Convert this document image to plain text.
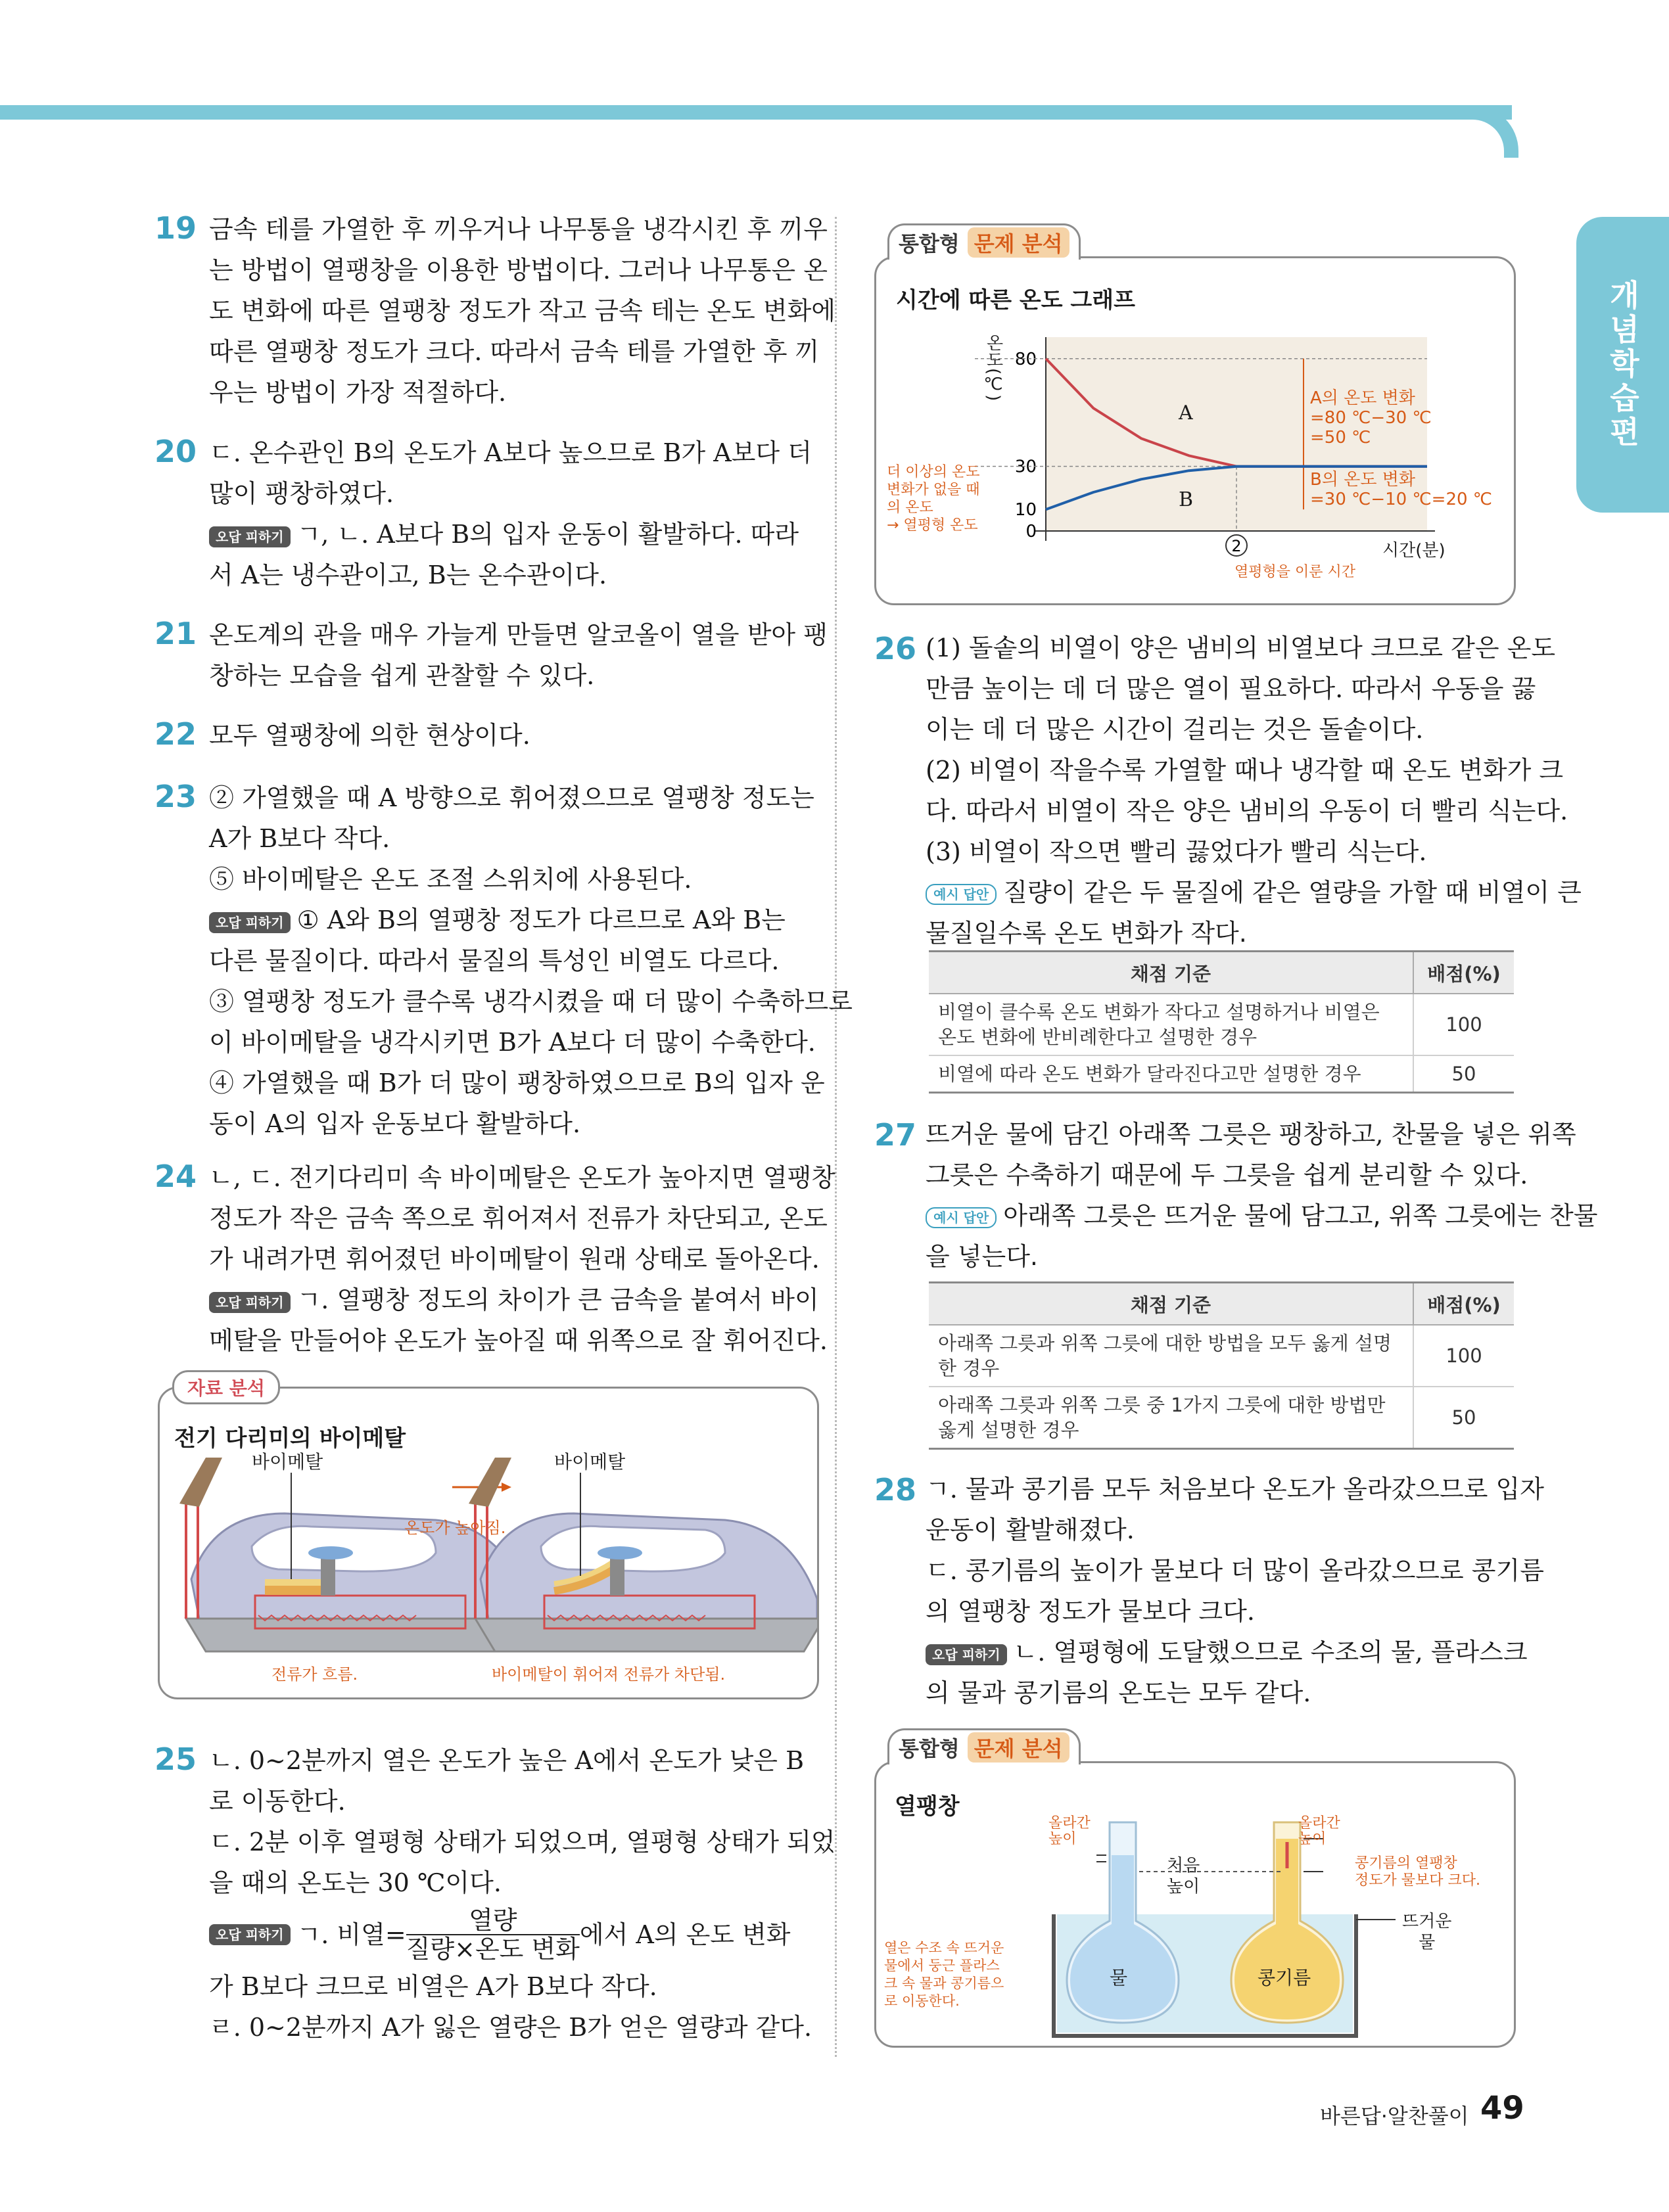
개념학습편
19 금속 테를 가열한 후 끼우거나 나무통을 냉각시킨 후 끼우
는 방법이 열팽창을 이용한 방법이다. 그러나 나무통은 온
도 변화에 따른 열팽창 정도가 작고 금속 테는 온도 변화에
따른 열팽창 정도가 크다. 따라서 금속 테를 가열한 후 끼
우는 방법이 가장 적절하다.
20 ㄷ. 온수관인 B의 온도가 A보다 높으므로 B가 A보다 더
많이 팽창하였다.
오답 피하기 ㄱ, ㄴ. A보다 B의 입자 운동이 활발하다. 따라
서 A는 냉수관이고, B는 온수관이다.
21 온도계의 관을 매우 가늘게 만들면 알코올이 열을 받아 팽
창하는 모습을 쉽게 관찰할 수 있다.
22 모두 열팽창에 의한 현상이다.
23 ② 가열했을 때 A 방향으로 휘어졌으므로 열팽창 정도는
A가 B보다 작다.
⑤ 바이메탈은 온도 조절 스위치에 사용된다.
오답 피하기 ① A와 B의 열팽창 정도가 다르므로 A와 B는
다른 물질이다. 따라서 물질의 특성인 비열도 다르다.
③ 열팽창 정도가 클수록 냉각시켰을 때 더 많이 수축하므로
이 바이메탈을 냉각시키면 B가 A보다 더 많이 수축한다.
④ 가열했을 때 B가 더 많이 팽창하였으므로 B의 입자 운
동이 A의 입자 운동보다 활발하다.
24 ㄴ, ㄷ. 전기다리미 속 바이메탈은 온도가 높아지면 열팽창
정도가 작은 금속 쪽으로 휘어져서 전류가 차단되고, 온도
가 내려가면 휘어졌던 바이메탈이 원래 상태로 돌아온다.
오답 피하기 ㄱ. 열팽창 정도의 차이가 큰 금속을 붙여서 바이
메탈을 만들어야 온도가 높아질 때 위쪽으로 잘 휘어진다.
전기 다리미의 바이메탈
바이메탈	바이메탈
온도가 높아짐.
전류가 흐름.	바이메탈이 휘어져 전류가 차단됨.
자료 분석
25 ㄴ. 0~2분까지 열은 온도가 높은 A에서 온도가 낮은 B
로 이동한다.
ㄷ. 2분 이후 열평형 상태가 되었으며, 열평형 상태가 되었
을 때의 온도는 30 ℃이다.
오답 피하기 ㄱ. 비열= $\frac{\text{열량}}{\text{질량×온도 변화}}$ 에서 A의 온도 변화
가 B보다 크므로 비열은 A가 B보다 작다.
ㄹ. 0~2분까지 A가 잃은 열량은 B가 얻은 열량과 같다.
시간에 따른 온도 그래프
80
30
10
0
2
온도(℃)
시간(분)
A
B
A의 온도 변화
=80 ℃−30 ℃
=50 ℃
B의 온도 변화
=30 ℃−10 ℃=20 ℃
더 이상의 온도
변화가 없을 때
의 온도
→ 열평형 온도
열평형을 이룬 시간
통합형 문제 분석
26 (1) 돌솥의 비열이 양은 냄비의 비열보다 크므로 같은 온도
만큼 높이는 데 더 많은 열이 필요하다. 따라서 우동을 끓
이는 데 더 많은 시간이 걸리는 것은 돌솥이다.
(2) 비열이 작을수록 가열할 때나 냉각할 때 온도 변화가 크
다. 따라서 비열이 작은 양은 냄비의 우동이 더 빨리 식는다.
(3) 비열이 작으면 빨리 끓었다가 빨리 식는다.
예시 답안 질량이 같은 두 물질에 같은 열량을 가할 때 비열이 큰
물질일수록 온도 변화가 작다.
채점 기준	배점(%)
비열이 클수록 온도 변화가 작다고 설명하거나 비열은 온도 변화에 반비례한다고 설명한 경우	100
비열에 따라 온도 변화가 달라진다고만 설명한 경우	50
27 뜨거운 물에 담긴 아래쪽 그릇은 팽창하고, 찬물을 넣은 위쪽
그릇은 수축하기 때문에 두 그릇을 쉽게 분리할 수 있다.
예시 답안 아래쪽 그릇은 뜨거운 물에 담그고, 위쪽 그릇에는 찬물
을 넣는다.
채점 기준	배점(%)
아래쪽 그릇과 위쪽 그릇에 대한 방법을 모두 옳게 설명한 경우	100
아래쪽 그릇과 위쪽 그릇 중 1가지 그릇에 대한 방법만 옳게 설명한 경우	50
28 ㄱ. 물과 콩기름 모두 처음보다 온도가 올라갔으므로 입자
운동이 활발해졌다.
ㄷ. 콩기름의 높이가 물보다 더 많이 올라갔으므로 콩기름
의 열팽창 정도가 물보다 크다.
오답 피하기 ㄴ. 열평형에 도달했으므로 수조의 물, 플라스크
의 물과 콩기름의 온도는 모두 같다.
열팽창
올라간
높이
올라간
높이
처음
높이
콩기름의 열팽창
정도가 물보다 크다.
뜨거운
물
물	콩기름
열은 수조 속 뜨거운
물에서 둥근 플라스
크 속 물과 콩기름으
로 이동한다.
통합형 문제 분석
바른답·알찬풀이 49
